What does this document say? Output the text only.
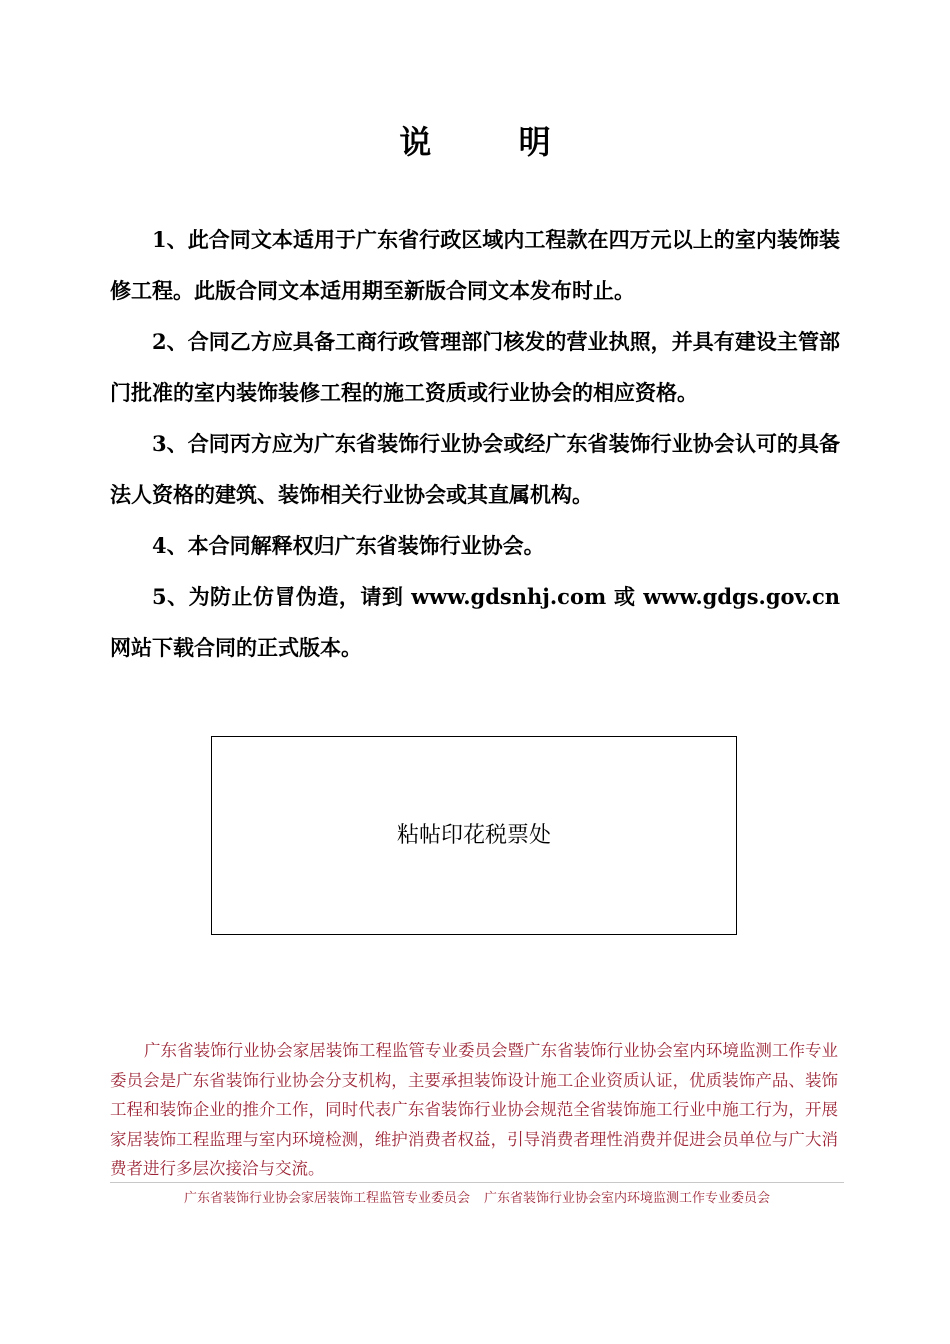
说 明

1、此合同文本适用于广东省行政区域内工程款在四万元以上的室内装饰装修工程。此版合同文本适用期至新版合同文本发布时止。

2、合同乙方应具备工商行政管理部门核发的营业执照，并具有建设主管部门批准的室内装饰装修工程的施工资质或行业协会的相应资格。

3、合同丙方应为广东省装饰行业协会或经广东省装饰行业协会认可的具备法人资格的建筑、装饰相关行业协会或其直属机构。

4、本合同解释权归广东省装饰行业协会。

5、为防止仿冒伪造，请到 www.gdsnhj.com 或 www.gdgs.gov.cn 网站下载合同的正式版本。

粘帖印花税票处

广东省装饰行业协会家居装饰工程监管专业委员会暨广东省装饰行业协会室内环境监测工作专业委员会是广东省装饰行业协会分支机构，主要承担装饰设计施工企业资质认证，优质装饰产品、装饰工程和装饰企业的推介工作，同时代表广东省装饰行业协会规范全省装饰施工行业中施工行为，开展家居装饰工程监理与室内环境检测，维护消费者权益，引导消费者理性消费并促进会员单位与广大消费者进行多层次接洽与交流。

广东省装饰行业协会家居装饰工程监管专业委员会 广东省装饰行业协会室内环境监测工作专业委员会
